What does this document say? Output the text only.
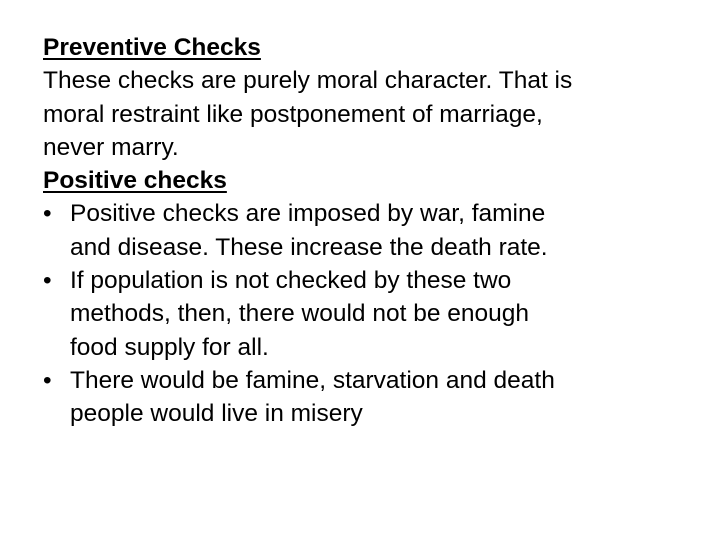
Preventive Checks

These checks are purely moral character. That is
moral restraint like postponement of marriage,
never marry.

Positive checks
• Positive checks are imposed by war, famine
and disease. These increase the death rate.
• If population is not checked by these two
methods, then, there would not be enough
food supply for all.
• There would be famine, starvation and death
people would live in misery
